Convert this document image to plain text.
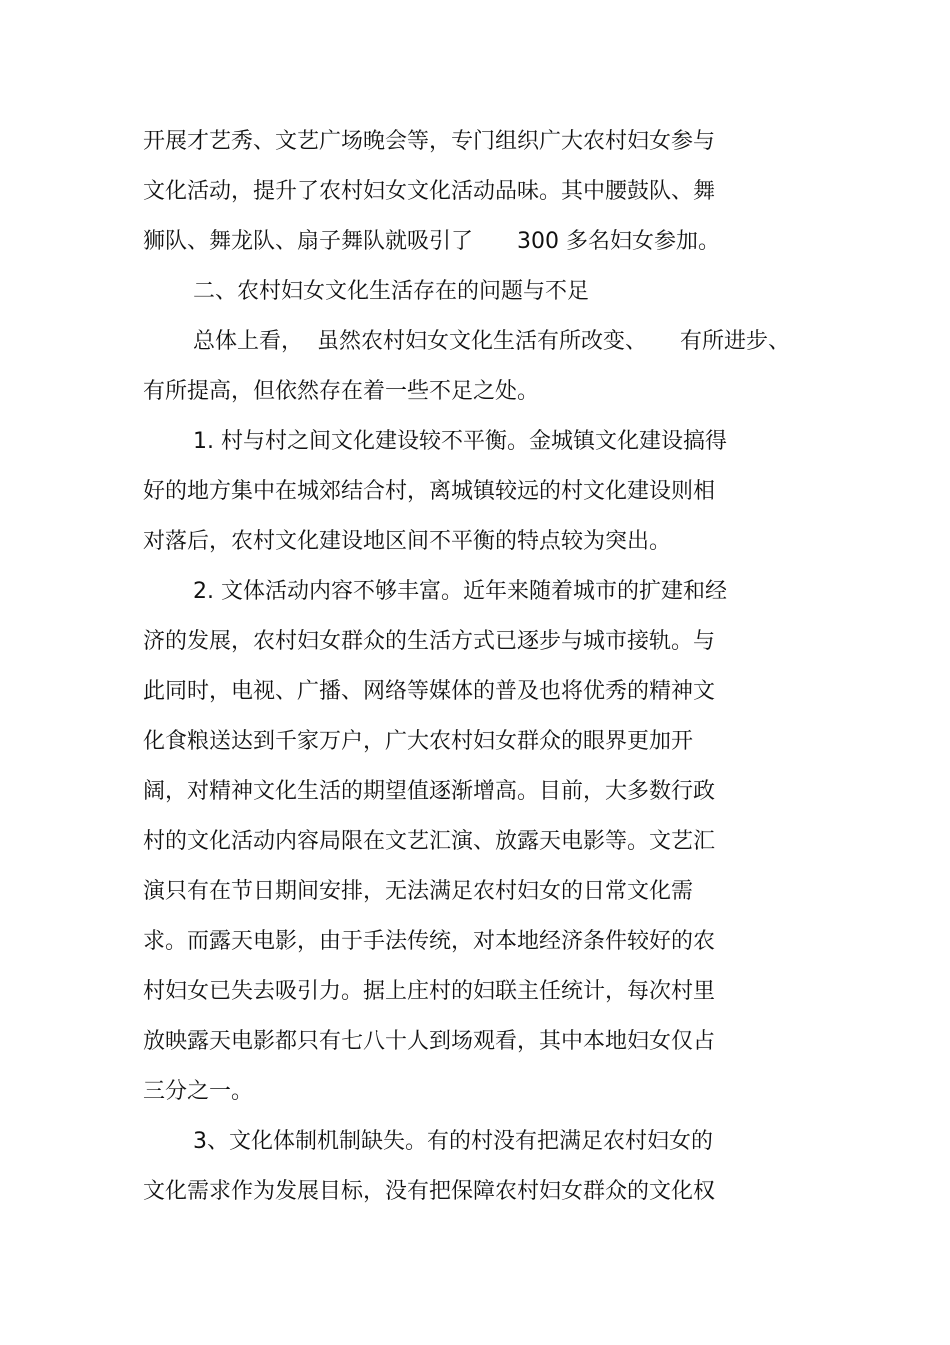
开展才艺秀、文艺广场晚会等，专门组织广大农村妇女参与
文化活动，提升了农村妇女文化活动品味。其中腰鼓队、舞
狮队、舞龙队、扇子舞队就吸引了　　300 多名妇女参加。
二、农村妇女文化生活存在的问题与不足
总体上看，  虽然农村妇女文化生活有所改变、　　有所进步、
有所提高，但依然存在着一些不足之处。
1. 村与村之间文化建设较不平衡。金城镇文化建设搞得
好的地方集中在城郊结合村，离城镇较远的村文化建设则相
对落后，农村文化建设地区间不平衡的特点较为突出。
2. 文体活动内容不够丰富。近年来随着城市的扩建和经
济的发展，农村妇女群众的生活方式已逐步与城市接轨。与
此同时，电视、广播、网络等媒体的普及也将优秀的精神文
化食粮送达到千家万户，广大农村妇女群众的眼界更加开
阔，对精神文化生活的期望值逐渐增高。目前，大多数行政
村的文化活动内容局限在文艺汇演、放露天电影等。文艺汇
演只有在节日期间安排，无法满足农村妇女的日常文化需
求。而露天电影，由于手法传统，对本地经济条件较好的农
村妇女已失去吸引力。据上庄村的妇联主任统计，每次村里
放映露天电影都只有七八十人到场观看，其中本地妇女仅占
三分之一。
3、文化体制机制缺失。有的村没有把满足农村妇女的
文化需求作为发展目标，没有把保障农村妇女群众的文化权
